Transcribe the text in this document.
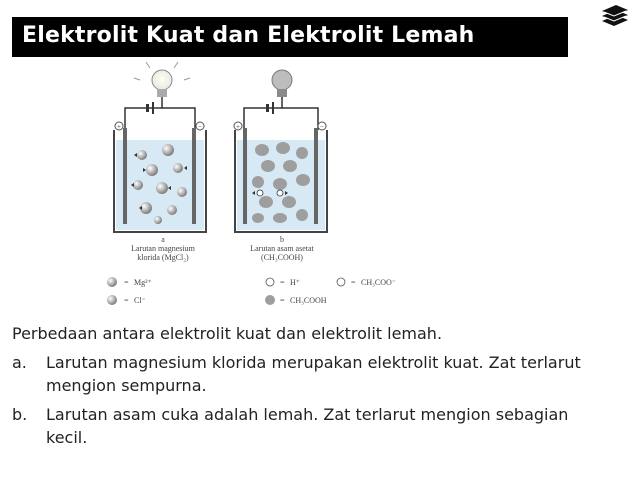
Elektrolit Kuat dan Elektrolit Lemah
+	−
a
Larutan magnesium
klorida (MgCl₂)
+	−
b
Larutan asam asetat
(CH₃COOH)
= Mg²⁺
= Cl⁻
= H⁺	= CH₃COO⁻
= CH₃COOH

Perbedaan antara elektrolit kuat dan elektrolit lemah.

a. Larutan magnesium klorida merupakan elektrolit kuat. Zat terlarut mengion sempurna.
b. Larutan asam cuka adalah lemah. Zat terlarut mengion sebagian kecil.
